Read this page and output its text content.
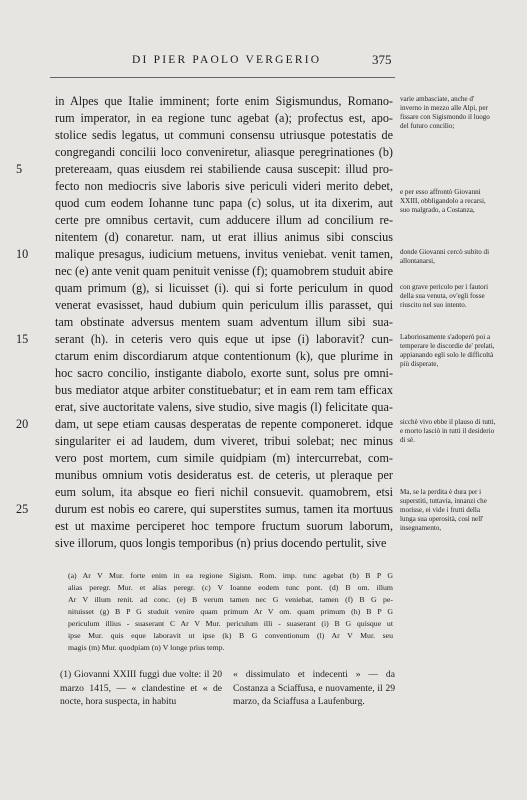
DI PIER PAOLO VERGERIO	375
in Alpes que Italie imminent; forte enim Sigismundus, Romano-
rum imperator, in ea regione tunc agebat (a); profectus est, apo-
stolice sedis legatus, ut communi consensu utriusque potestatis de
congregandi concilii loco conveniretur, aliasque peregrinationes (b)
pretereaam, quas eiusdem rei stabiliende causa suscepit: illud pro-
fecto non mediocris sive laboris sive periculi videri merito debet,
quod cum eodem Iohanne tunc papa (c) solus, ut ita dixerim, aut
certe pre omnibus certavit, cum adducere illum ad concilium re-
nitentem (d) conaretur. nam, ut erat illius animus sibi conscius
malique presagus, iudicium metuens, invitus veniebat. venit tamen,
nec (e) ante venit quam penituit venisse (f); quamobrem studuit abire
quam primum (g), si licuisset (i). qui si forte periculum in quod
venerat evasisset, haud dubium quin periculum illis parasset, qui
tam obstinate adversus mentem suam adventum illum sibi sua-
serant (h). in ceteris vero quis eque ut ipse (i) laboravit? cun-
ctarum enim discordiarum atque contentionum (k), que plurime in
hoc sacro concilio, instigante diabolo, exorte sunt, solus pre omni-
bus mediator atque arbiter constituebatur; et in eam rem tam efficax
erat, sive auctoritate valens, sive studio, sive magis (l) felicitate qua-
dam, ut sepe etiam causas desperatas de repente componeret. idque
singulariter ei ad laudem, dum viveret, tribui solebat; nec minus
vero post mortem, cum simile quidpiam (m) intercurrebat, com-
munibus omnium votis desideratus est. de ceteris, ut pleraque per
eum solum, ita absque eo fieri nichil consuevit. quamobrem, etsi
durum est nobis eo carere, qui superstites sumus, tamen ita mortuus
est ut maxime perciperet hoc tempore fructum suorum laborum,
sive illorum, quos longis temporibus (n) prius docendo pertulit, sive
5
10
15
20
25
varie ambasciate, anche d' inverno in mezzo alle Alpi, per fissare con Sigismondo il luogo del futuro concilio;
e per esso affrontò Giovanni XXIII, obbligandolo a recarsi, suo malgrado, a Costanza,
donde Giovanni cercò subito di allontanarsi,
con grave pericolo per i fautori della sua venuta, ov'egli fosse riuscito nel suo intento.
Laboriosamente s'adoperò poi a temperare le discordie de' prelati, appianando egli solo le difficoltà più disperate,
sicchè vivo ebbe il plauso di tutti, e morto lasciò in tutti il desiderio di sè.
Ma, se la perdita è dura per i superstiti, tuttavia, innanzi che morisse, ei vide i frutti della lunga sua operosità, così nell' insegnamento,
(a) Ar V Mur. forte enim in ea regione Sigism. Rom. imp. tunc agebat (b) B P G
alias peregr. Mur. et alias peregr. (c) V Ioanne eodem tunc pont. (d) B om. illum
Ar V illum renit. ad conc. (e) B verum tamen nec G veniebat, tamen (f) B G pe-
nituisset (g) B P G studuit venire quam primum Ar V om. quam primum (h) B P G
periculum illius - suaserant C Ar V Mur. periculum illi - suaserant (i) B G quisque ut
ipse Mur. quis eque laboravit ut ipse (k) B G conventionum (l) Ar V Mur. seu
magis (m) Mur. quodpiam (n) V longe prius temp.
(1) Giovanni XXIII fuggì due volte: il 20 marzo 1415, — « clandestine et « de nocte, hora suspecta, in habitu
« dissimulato et indecenti » — da Costanza a Sciaffusa, e nuovamente, il 29 marzo, da Sciaffusa a Laufenburg.
